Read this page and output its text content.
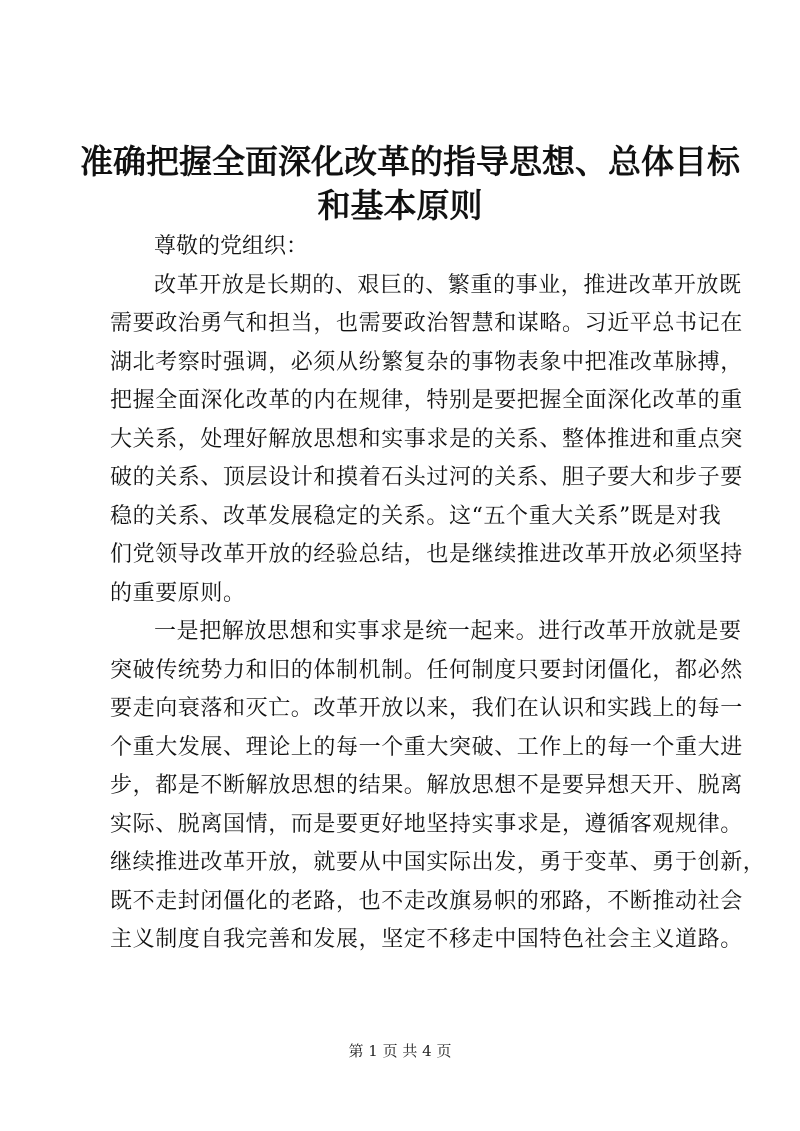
准确把握全面深化改革的指导思想、总体目标
和基本原则

尊敬的党组织：

改革开放是长期的、艰巨的、繁重的事业，推进改革开放既
需要政治勇气和担当，也需要政治智慧和谋略。习近平总书记在
湖北考察时强调，必须从纷繁复杂的事物表象中把准改革脉搏，
把握全面深化改革的内在规律，特别是要把握全面深化改革的重
大关系，处理好解放思想和实事求是的关系、整体推进和重点突
破的关系、顶层设计和摸着石头过河的关系、胆子要大和步子要
稳的关系、改革发展稳定的关系。这“五个重大关系”既是对我
们党领导改革开放的经验总结，也是继续推进改革开放必须坚持
的重要原则。
一是把解放思想和实事求是统一起来。进行改革开放就是要
突破传统势力和旧的体制机制。任何制度只要封闭僵化，都必然
要走向衰落和灭亡。改革开放以来，我们在认识和实践上的每一
个重大发展、理论上的每一个重大突破、工作上的每一个重大进
步，都是不断解放思想的结果。解放思想不是要异想天开、脱离
实际、脱离国情，而是要更好地坚持实事求是，遵循客观规律。
继续推进改革开放，就要从中国实际出发，勇于变革、勇于创新，
既不走封闭僵化的老路，也不走改旗易帜的邪路，不断推动社会
主义制度自我完善和发展，坚定不移走中国特色社会主义道路。
第 1 页 共 4 页
